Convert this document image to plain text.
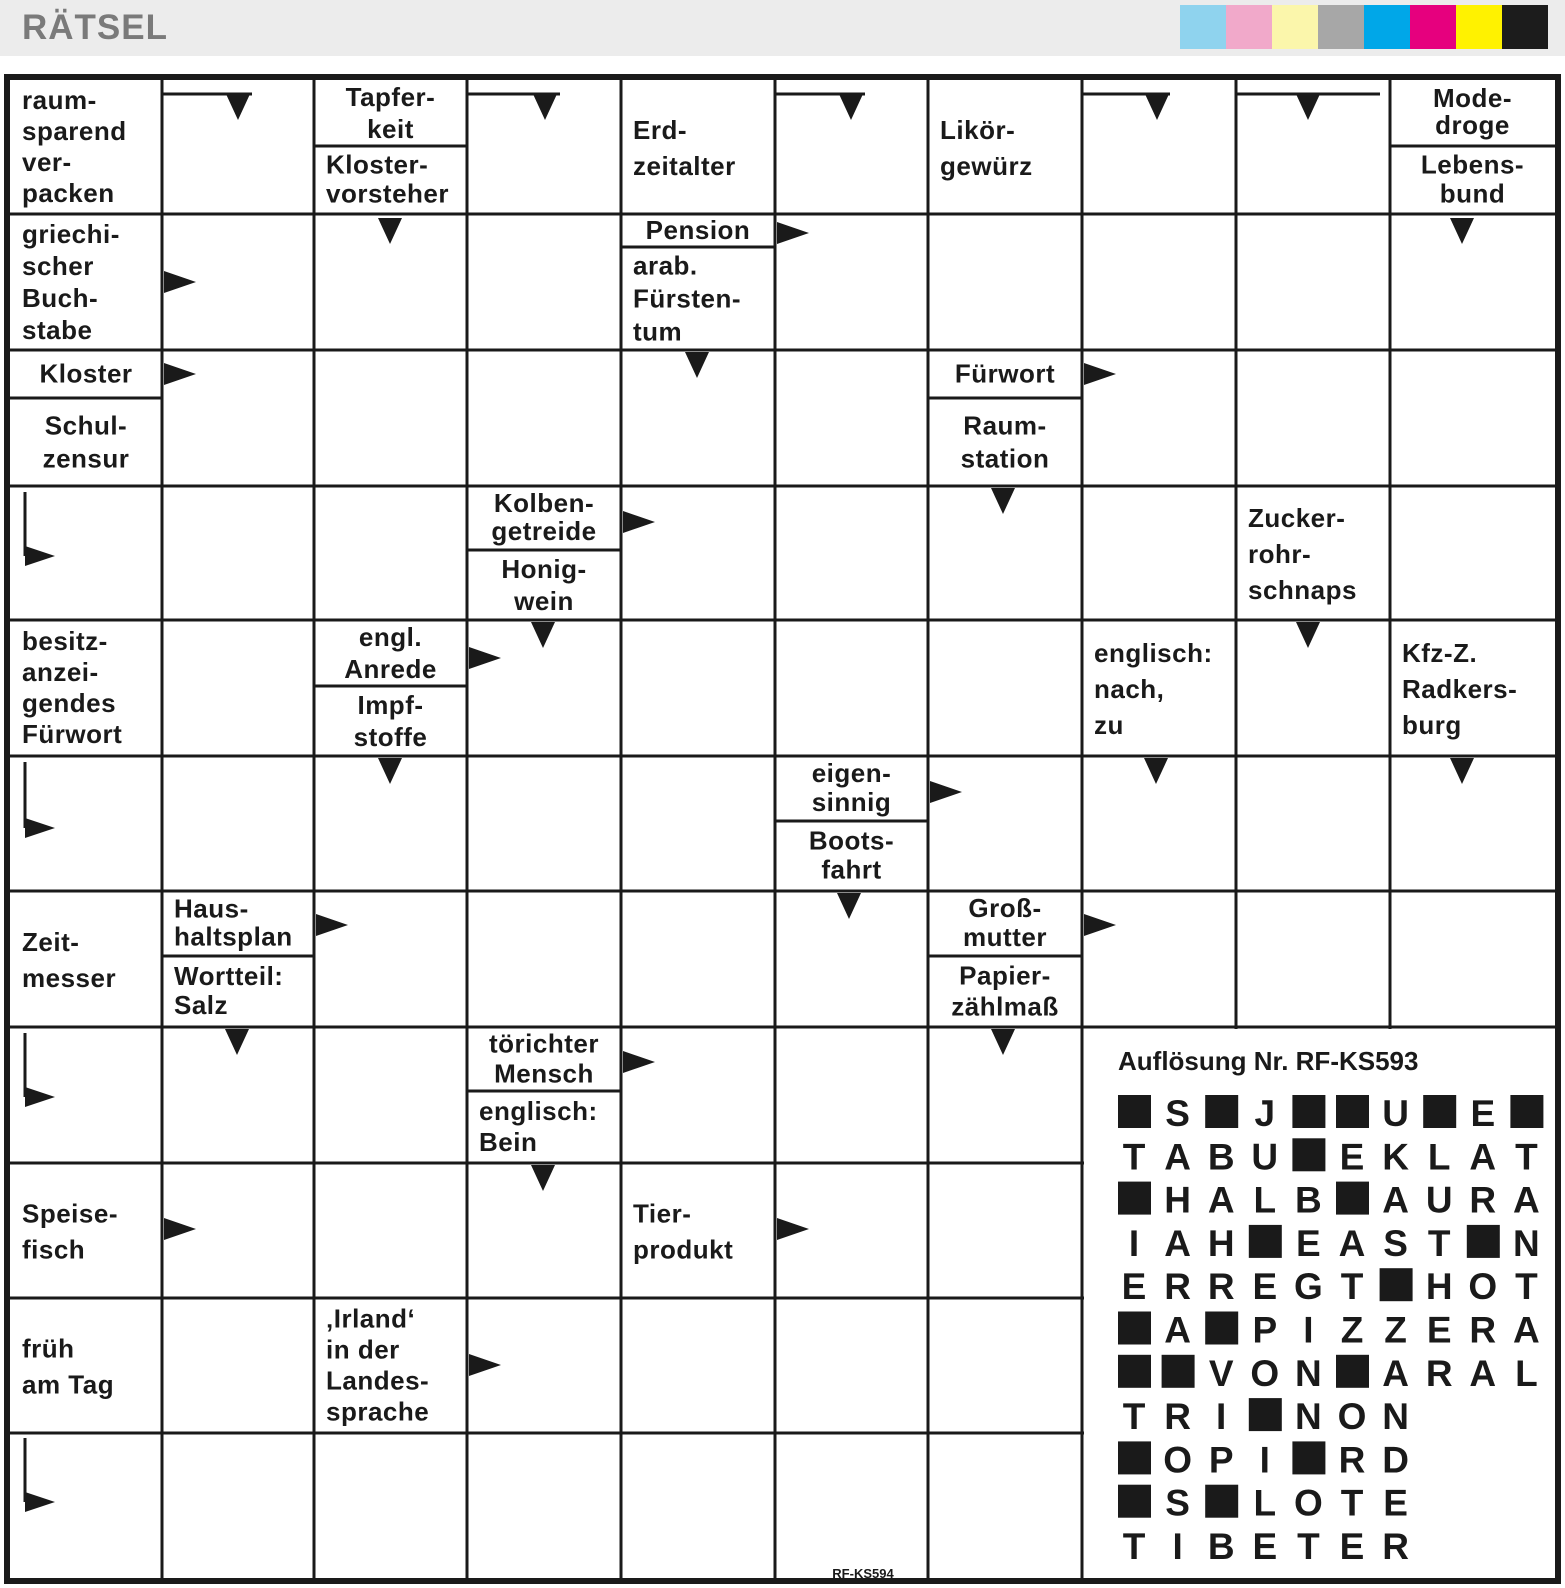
RÄTSEL
raum-sparend ver-packen
Tapfer-keit
Kloster-vorsteher
Erd-zeitalter
Likör-gewürz
Mode-droge
Lebens-bund
griechi-scher Buch-stabe
Pension
arab. Fürsten-tum
Kloster
Schul-zensur
Fürwort
Raum-station
Kolben-getreide
Honig-wein
Zucker-rohr-schnaps
besitz-anzei-gendes Fürwort
engl. Anrede
Impf-stoffe
englisch: nach, zu
Kfz-Z. Radkers-burg
eigen-sinnig
Boots-fahrt
Zeit-messer
Haus-haltsplan
Wortteil: Salz
Groß-mutter
Papier-zählmaß
törichter Mensch
englisch: Bein
Speise-fisch
Tier-produkt
früh am Tag
‚Irland‘ in der Landes-sprache
Auflösung Nr. RF-KS593
S J	U E
T A B U E K L A T
H A L B A U R A
I A H E A S T N
E R R E G T H O T
A P I Z Z E R A
V O N A R A L
T R I N O N
O P I R D
S L O T E
T I B E T E R
RF-KS594
